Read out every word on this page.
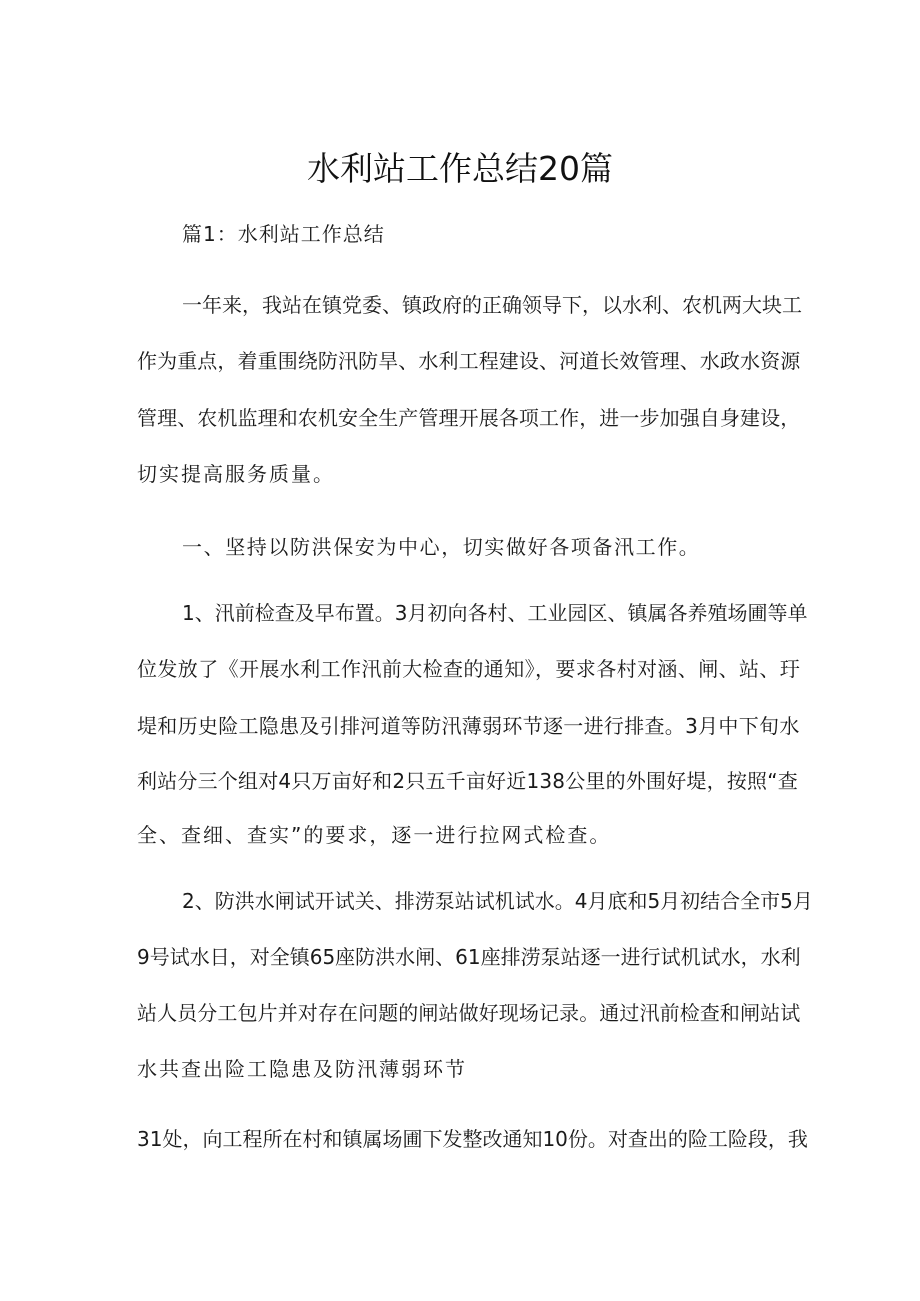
水利站工作总结20篇
篇1：水利站工作总结
一年来，我站在镇党委、镇政府的正确领导下，以水利、农机两大块工
作为重点，着重围绕防汛防旱、水利工程建设、河道长效管理、水政水资源
管理、农机监理和农机安全生产管理开展各项工作，进一步加强自身建设，
切实提高服务质量。
一、坚持以防洪保安为中心，切实做好各项备汛工作。
1、汛前检查及早布置。3月初向各村、工业园区、镇属各养殖场圃等单
位发放了《开展水利工作汛前大检查的通知》，要求各村对涵、闸、站、玗
堤和历史险工隐患及引排河道等防汛薄弱环节逐一进行排查。3月中下旬水
利站分三个组对4只万亩好和2只五千亩好近138公里的外围好堤，按照“查
全、查细、查实”的要求，逐一进行拉网式检查。
2、防洪水闸试开试关、排涝泵站试机试水。4月底和5月初结合全市5月
9号试水日，对全镇65座防洪水闸、61座排涝泵站逐一进行试机试水，水利
站人员分工包片并对存在问题的闸站做好现场记录。通过汛前检查和闸站试
水共查出险工隐患及防汛薄弱环节
31处，向工程所在村和镇属场圃下发整改通知10份。对查出的险工险段，我
